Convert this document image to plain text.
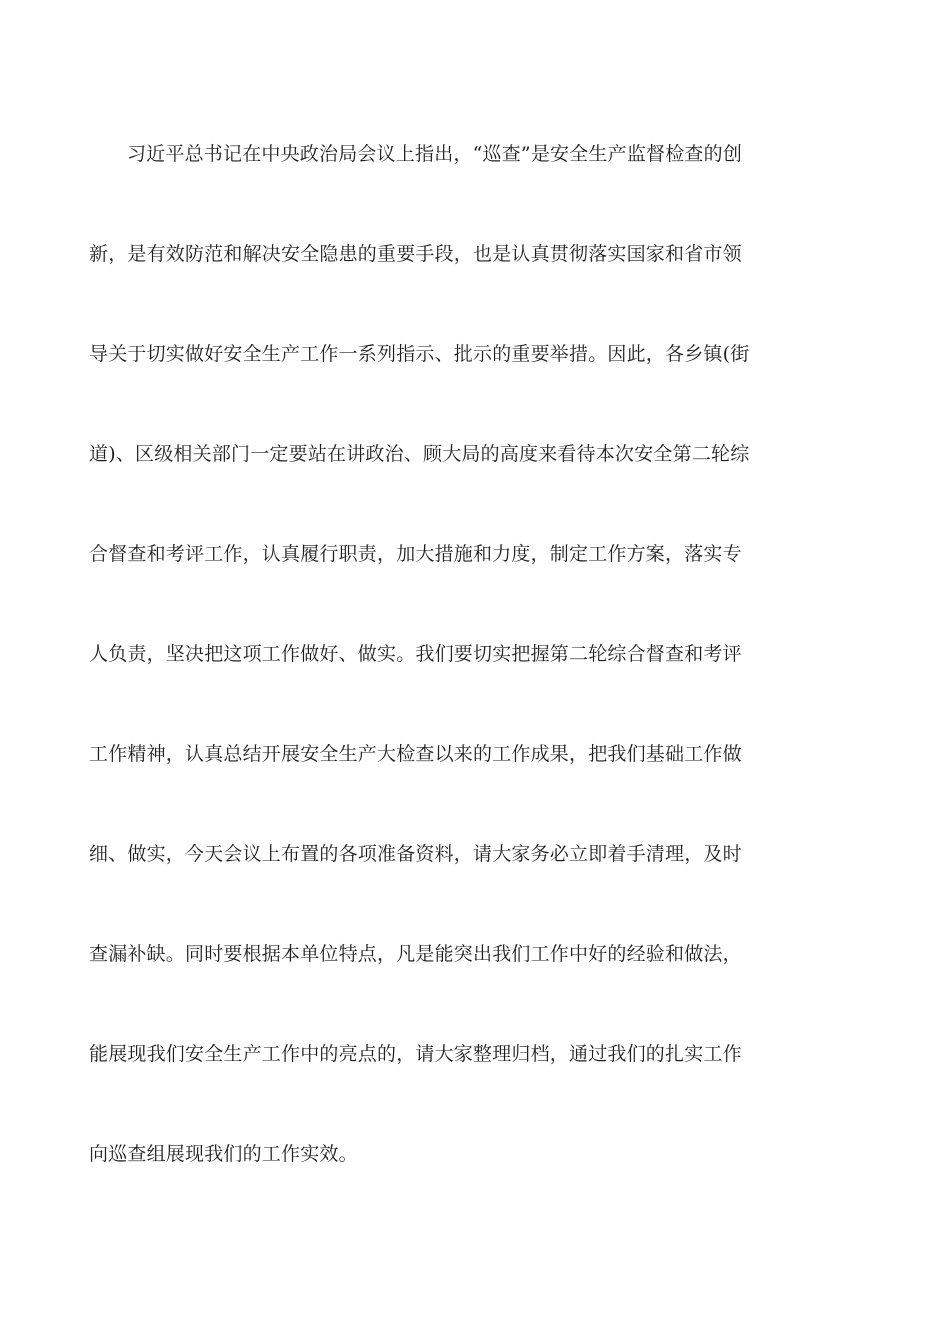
习近平总书记在中央政治局会议上指出，“巡查”是安全生产监督检查的创

新，是有效防范和解决安全隐患的重要手段，也是认真贯彻落实国家和省市领

导关于切实做好安全生产工作一系列指示、批示的重要举措。因此，各乡镇(街

道)、区级相关部门一定要站在讲政治、顾大局的高度来看待本次安全第二轮综

合督查和考评工作，认真履行职责，加大措施和力度，制定工作方案，落实专

人负责，坚决把这项工作做好、做实。我们要切实把握第二轮综合督查和考评

工作精神，认真总结开展安全生产大检查以来的工作成果，把我们基础工作做

细、做实，今天会议上布置的各项准备资料，请大家务必立即着手清理，及时

查漏补缺。同时要根据本单位特点，凡是能突出我们工作中好的经验和做法，

能展现我们安全生产工作中的亮点的，请大家整理归档，通过我们的扎实工作

向巡查组展现我们的工作实效。
